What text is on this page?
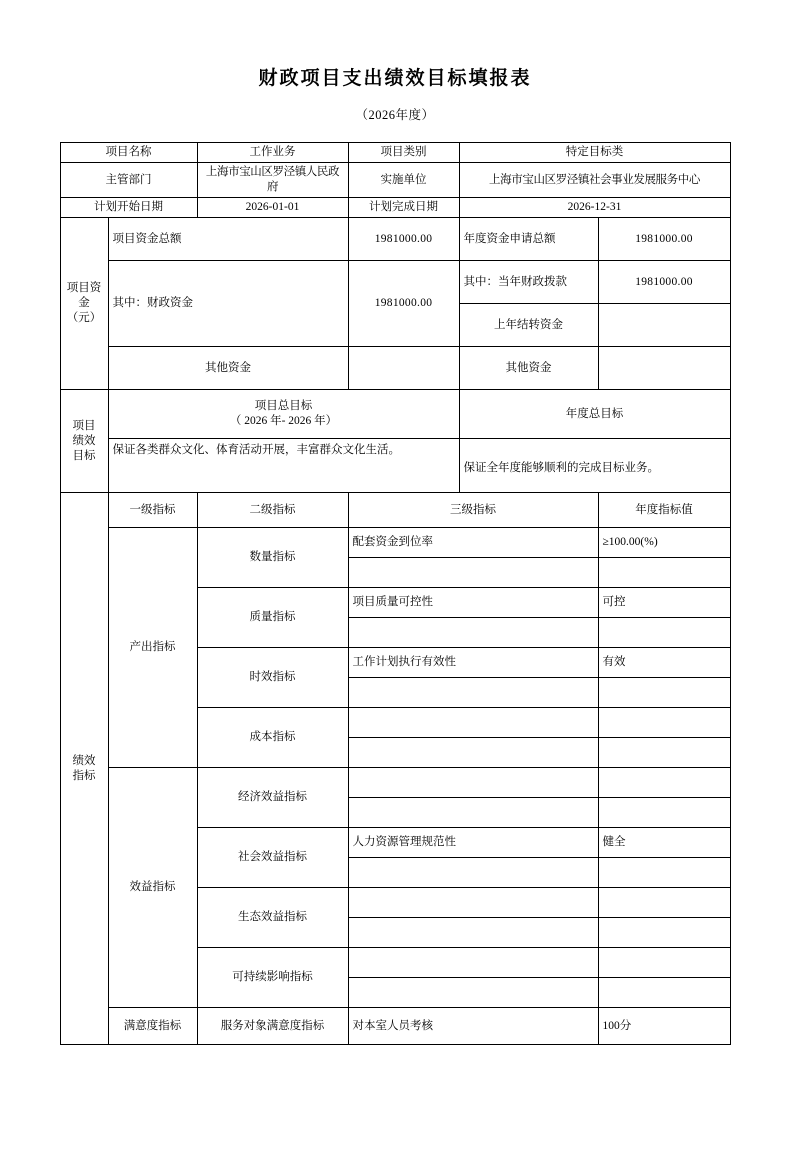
财政项目支出绩效目标填报表
（2026年度）
项目名称		工作业务	项目类别	特定目标类	
主管部门		上海市宝山区罗泾镇人民政府	实施单位	上海市宝山区罗泾镇社会事业发展服务中心	
计划开始日期		2026-01-01	计划完成日期	2026-12-31	

项目资金
（元）	项目资金总额		1981000.00	年度资金申请总额	1981000.00
	其中：财政资金		1981000.00	其中：当年财政拨款	1981000.00
				上年结转资金	
	其他资金			其他资金	

项目
绩效
目标

项目总目标
（ 2026 年- 2026 年）
	年度总目标
	保证各类群众文化、体育活动开展，丰富群众文化生活。			保证全年度能够顺利的完成目标业务。	

绩效
指标	一级指标	二级指标	三级指标		年度指标值
	产出指标	数量指标	配套资金到位率		≥100.00(%)

		质量指标	项目质量可控性		可控

		时效指标	工作计划执行有效性		有效

		成本指标			

	效益指标	经济效益指标			

		社会效益指标	人力资源管理规范性		健全

		生态效益指标			

		可持续影响指标			

	满意度指标	服务对象满意度指标	对本室人员考核		100分
